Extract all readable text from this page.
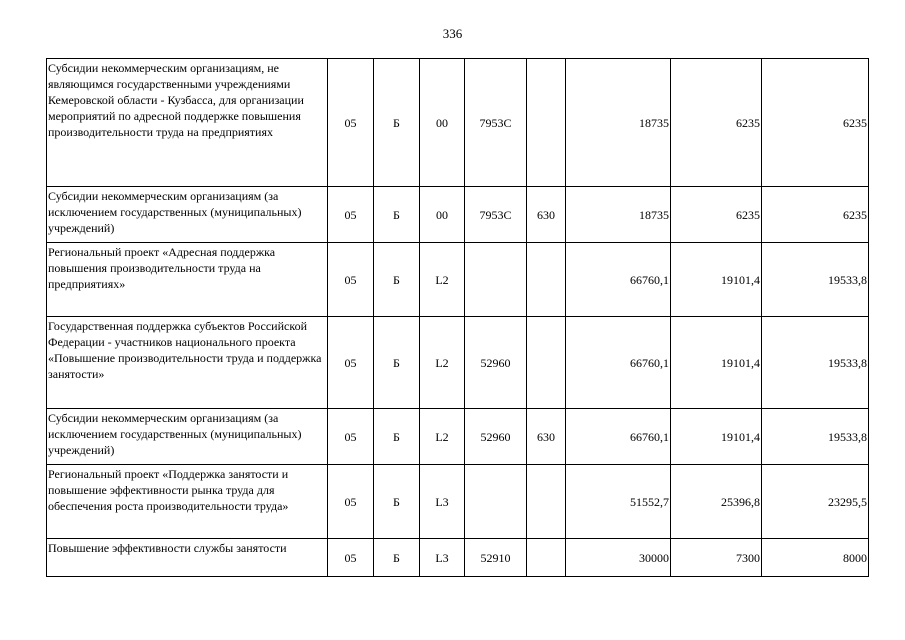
336
Субсидии некоммерческим организациям, не являющимся государственными учреждениями Кемеровской области - Кузбасса, для организации мероприятий по адресной поддержке повышения производительности труда на предприятиях	05	Б	00	7953C		18735	6235	6235
Субсидии некоммерческим организациям (за исключением государственных (муниципальных) учреждений)	05	Б	00	7953C	630	18735	6235	6235
Региональный проект «Адресная поддержка повышения производительности труда на предприятиях»	05	Б	L2			66760,1	19101,4	19533,8
Государственная поддержка субъектов Российской Федерации - участников национального проекта «Повышение производительности труда и поддержка занятости»	05	Б	L2	52960		66760,1	19101,4	19533,8
Субсидии некоммерческим организациям (за исключением государственных (муниципальных) учреждений)	05	Б	L2	52960	630	66760,1	19101,4	19533,8
Региональный проект «Поддержка занятости и повышение эффективности рынка труда для обеспечения роста производительности труда»	05	Б	L3			51552,7	25396,8	23295,5
Повышение эффективности службы занятости	05	Б	L3	52910		30000	7300	8000
